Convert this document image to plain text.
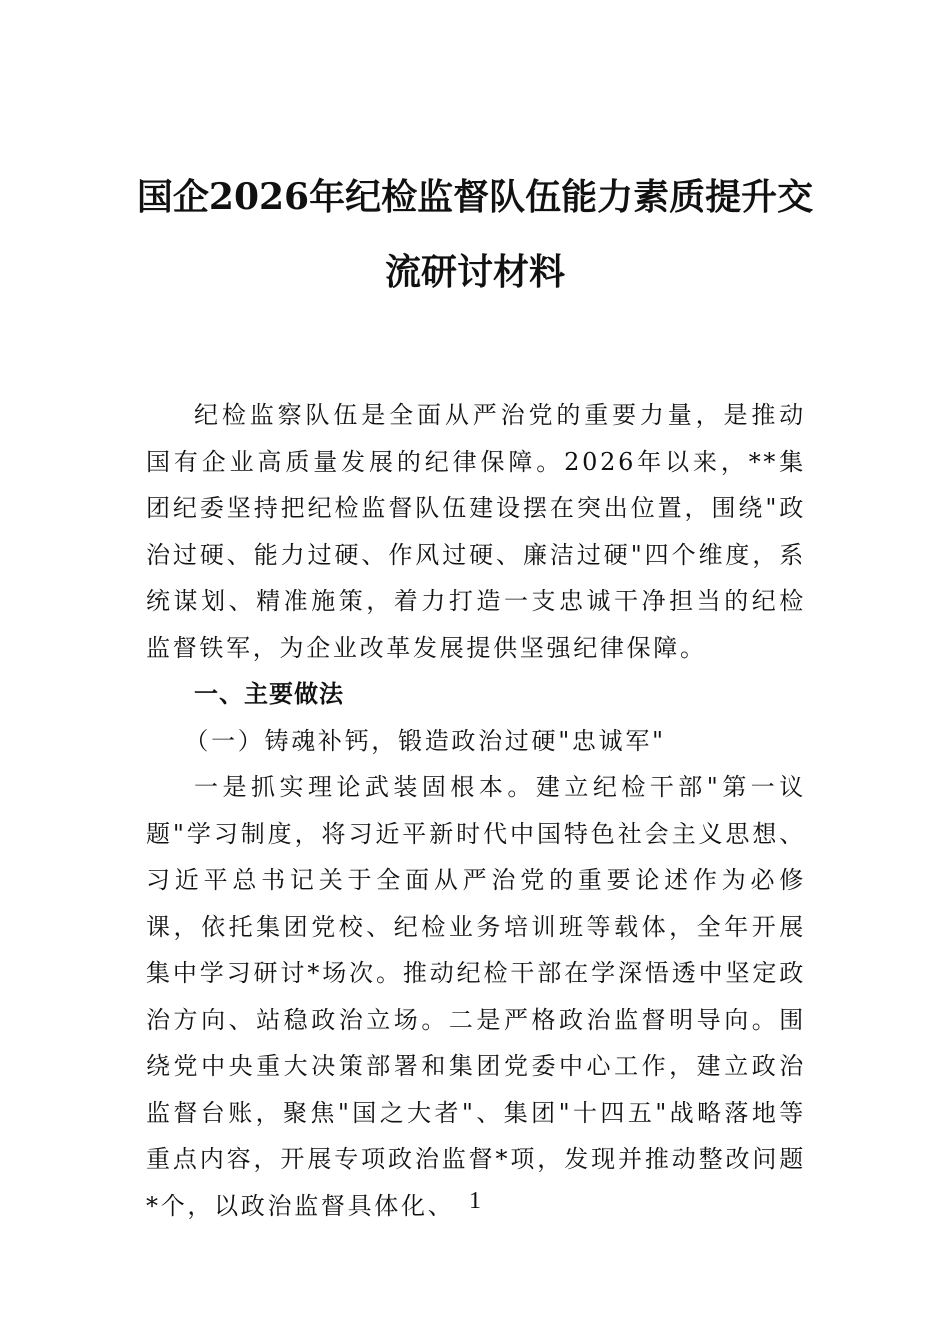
国企2026年纪检监督队伍能力素质提升交流研讨材料

纪检监察队伍是全面从严治党的重要力量，是推动国有企业高质量发展的纪律保障。2026年以来，**集团纪委坚持把纪检监督队伍建设摆在突出位置，围绕"政治过硬、能力过硬、作风过硬、廉洁过硬"四个维度，系统谋划、精准施策，着力打造一支忠诚干净担当的纪检监督铁军，为企业改革发展提供坚强纪律保障。

一、主要做法

（一）铸魂补钙，锻造政治过硬"忠诚军"

一是抓实理论武装固根本。建立纪检干部"第一议题"学习制度，将习近平新时代中国特色社会主义思想、习近平总书记关于全面从严治党的重要论述作为必修课，依托集团党校、纪检业务培训班等载体，全年开展集中学习研讨*场次。推动纪检干部在学深悟透中坚定政治方向、站稳政治立场。二是严格政治监督明导向。围绕党中央重大决策部署和集团党委中心工作，建立政治监督台账，聚焦"国之大者"、集团"十四五"战略落地等重点内容，开展专项政治监督*项，发现并推动整改问题*个，以政治监督具体化、 1
